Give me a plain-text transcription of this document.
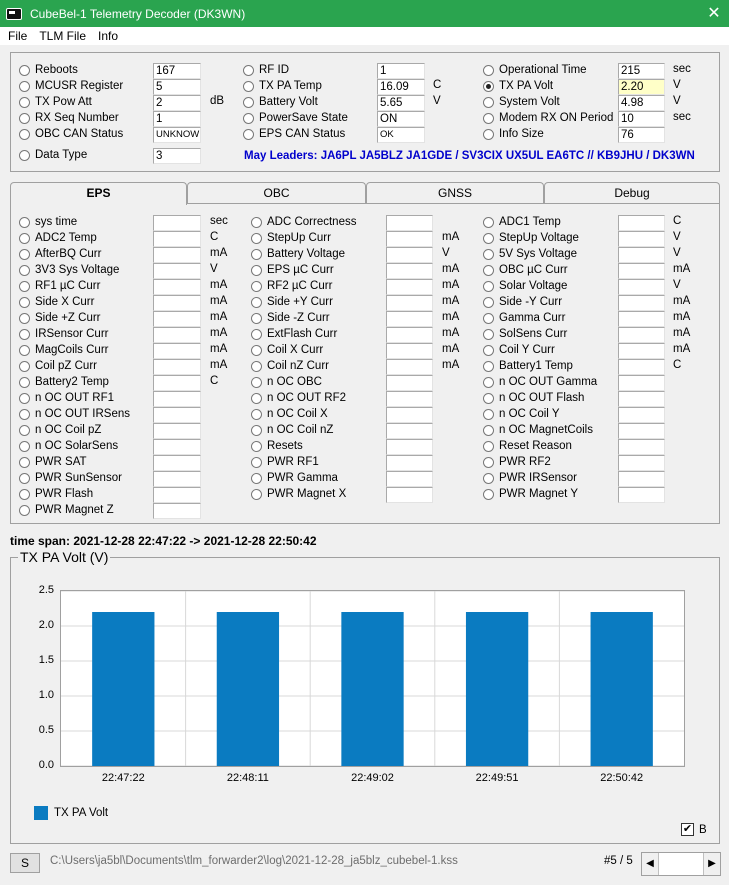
CubeBel-1 Telemetry Decoder (DK3WN)	✕
File TLM File Info
May Leaders: JA6PL JA5BLZ JA1GDE / SV3CIX UX5UL EA6TC // KB9JHU / DK3WN
EPS	OBC	GNSS	Debug
time span: 2021-12-28 22:47:22 -> 2021-12-28 22:50:42
TX PA Volt (V)
0.0
0.5
1.0
1.5
2.0
2.5
22:47:22	22:48:11	22:49:02	22:49:51	22:50:42
TX PA Volt
✔ B
S	C:\Users\ja5bl\Documents\tlm_forwarder2\log\2021-12-28_ja5blz_cubebel-1.kss	#5 / 5	◀	▶
Reboots	167
MCUSR Register	5
TX Pow Att	2	dB
RX Seq Number	1
OBC CAN Status	UNKNOW
RF ID	1
TX PA Temp	16.09	C
Battery Volt	5.65	V
PowerSave State	ON
EPS CAN Status	OK
Operational Time	215	sec
TX PA Volt	2.20	V
System Volt	4.98	V
Modem RX ON Period 10	sec
Info Size	76
Data Type	3
sys time	sec
ADC2 Temp	C
AfterBQ Curr	mA
3V3 Sys Voltage	V
RF1 µC Curr	mA
Side X Curr	mA
Side +Z Curr	mA
IRSensor Curr	mA
MagCoils Curr	mA
Coil pZ Curr	mA
Battery2 Temp	C
n OC OUT RF1
n OC OUT IRSens
n OC Coil pZ
n OC SolarSens
PWR SAT
PWR SunSensor
PWR Flash
PWR Magnet Z
ADC Correctness
StepUp Curr	mA
Battery Voltage	V
EPS µC Curr	mA
RF2 µC Curr	mA
Side +Y Curr	mA
Side -Z Curr	mA
ExtFlash Curr	mA
Coil X Curr	mA
Coil nZ Curr	mA
n OC OBC
n OC OUT RF2
n OC Coil X
n OC Coil nZ
Resets
PWR RF1
PWR Gamma
PWR Magnet X
ADC1 Temp	C
StepUp Voltage	V
5V Sys Voltage	V
OBC µC Curr	mA
Solar Voltage	V
Side -Y Curr	mA
Gamma Curr	mA
SolSens Curr	mA
Coil Y Curr	mA
Battery1 Temp	C
n OC OUT Gamma
n OC OUT Flash
n OC Coil Y
n OC MagnetCoils
Reset Reason
PWR RF2
PWR IRSensor
PWR Magnet Y
